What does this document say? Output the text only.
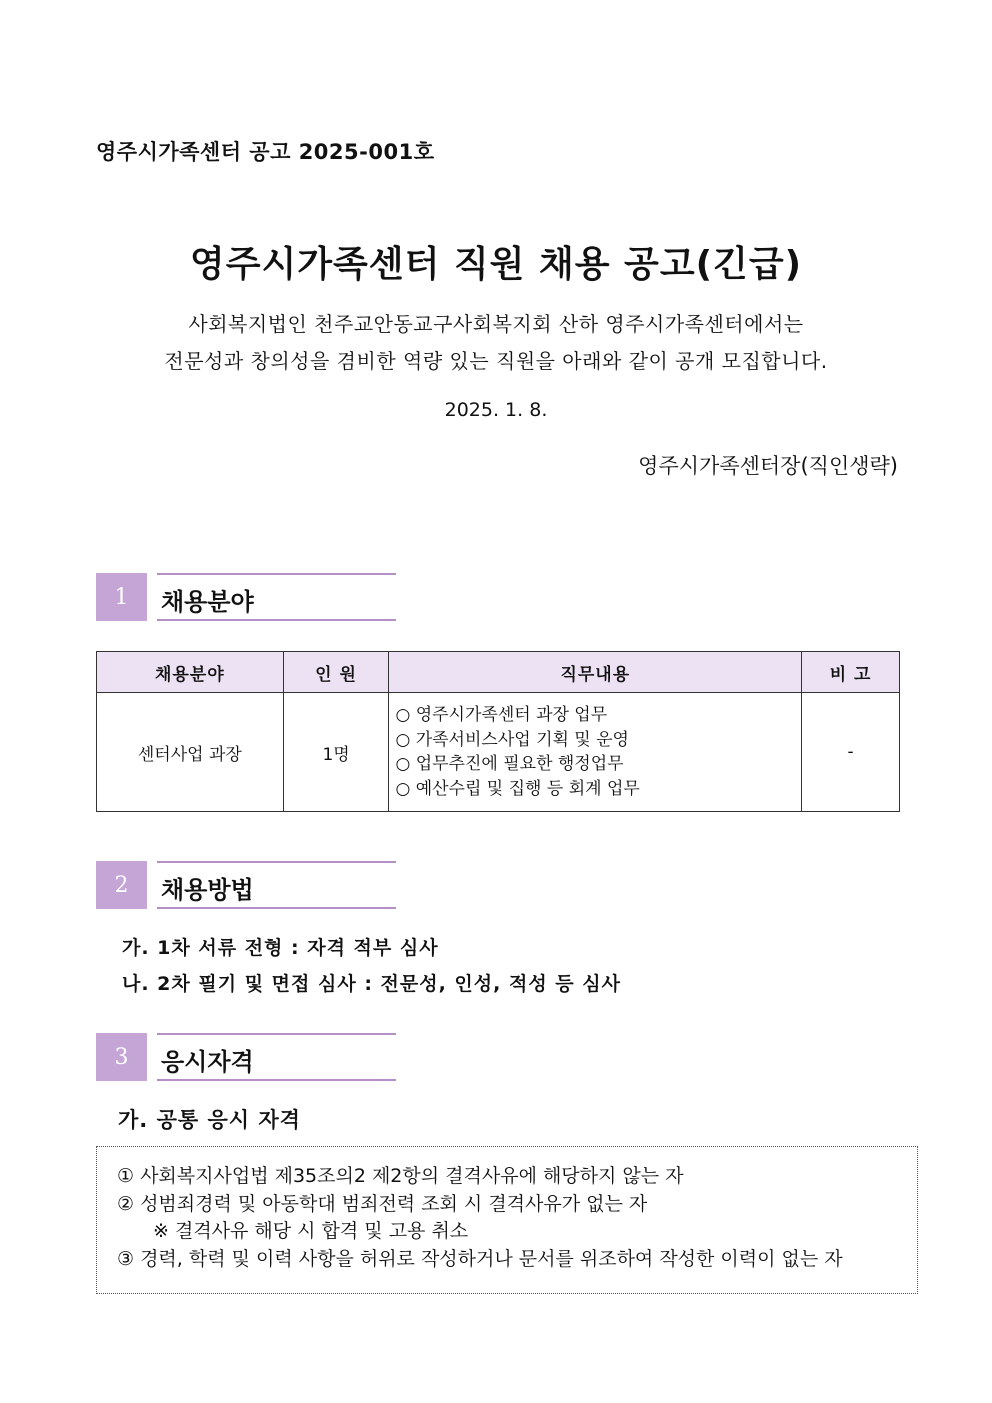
영주시가족센터 공고 2025-001호
영주시가족센터 직원 채용 공고(긴급)
사회복지법인 천주교안동교구사회복지회 산하 영주시가족센터에서는
전문성과 창의성을 겸비한 역량 있는 직원을 아래와 같이 공개 모집합니다.
2025. 1. 8.
영주시가족센터장(직인생략)
1	채용분야
채용분야	인 원	직무내용	비 고
센터사업 과장	1명	○ 영주시가족센터 과장 업무
○ 가족서비스사업 기획 및 운영
○ 업무추진에 필요한 행정업무
○ 예산수립 및 집행 등 회계 업무	-
2	채용방법
가. 1차 서류 전형 : 자격 적부 심사
나. 2차 필기 및 면접 심사 : 전문성, 인성, 적성 등 심사
3	응시자격
가. 공통 응시 자격
① 사회복지사업법 제35조의2 제2항의 결격사유에 해당하지 않는 자
② 성범죄경력 및 아동학대 범죄전력 조회 시 결격사유가 없는 자
※ 결격사유 해당 시 합격 및 고용 취소
③ 경력, 학력 및 이력 사항을 허위로 작성하거나 문서를 위조하여 작성한 이력이 없는 자
